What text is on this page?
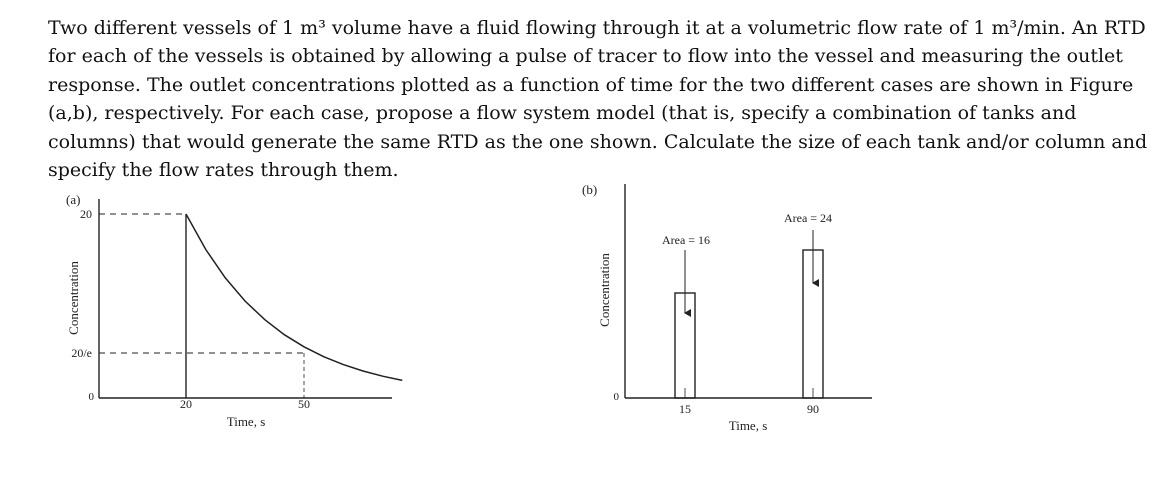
Two different vessels of 1 m³ volume have a fluid flowing through it at a volumetric flow rate of 1 m³/min. An RTD for each of the vessels is obtained by allowing a pulse of tracer to flow into the vessel and measuring the outlet response. The outlet concentrations plotted as a function of time for the two different cases are shown in Figure (a,b), respectively. For each case, propose a flow system model (that is, specify a combination of tanks and columns) that would generate the same RTD as the one shown. Calculate the size of each tank and/or column and specify the flow rates through them.

(a)
20
20/e
0	20	50
Time, s
Concentration
(b)
0
Concentration
Area = 16
15
Area = 24
90
Time, s
